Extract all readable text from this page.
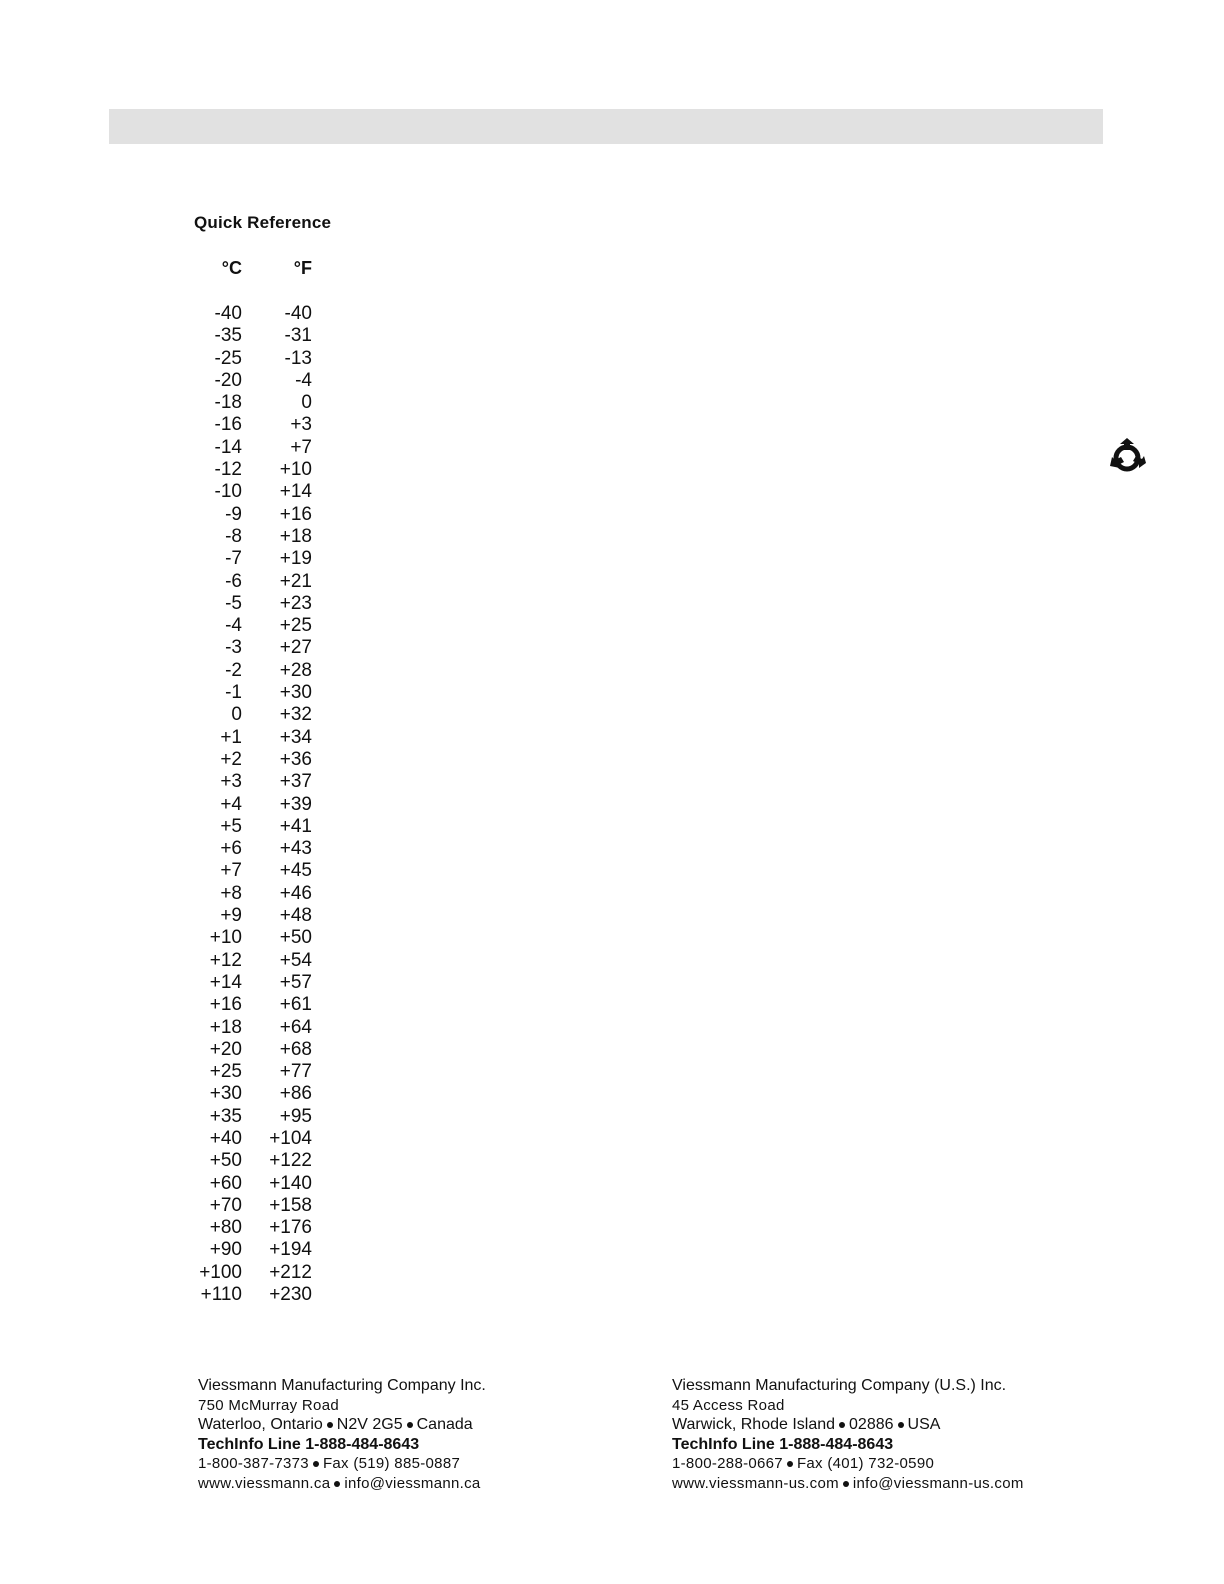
Quick Reference
°C	°F
-40	-40
-35	-31
-25	-13
-20	-4
-18	0
-16	+3
-14	+7
-12	+10
-10	+14
-9	+16
-8	+18
-7	+19
-6	+21
-5	+23
-4	+25
-3	+27
-2	+28
-1	+30
0	+32
+1	+34
+2	+36
+3	+37
+4	+39
+5	+41
+6	+43
+7	+45
+8	+46
+9	+48
+10	+50
+12	+54
+14	+57
+16	+61
+18	+64
+20	+68
+25	+77
+30	+86
+35	+95
+40	+104
+50	+122
+60	+140
+70	+158
+80	+176
+90	+194
+100	+212
+110	+230
Viessmann Manufacturing Company Inc.
750 McMurray Road
Waterloo, Ontario N2V 2G5 Canada
TechInfo Line 1-888-484-8643
1-800-387-7373 Fax (519) 885-0887
www.viessmann.ca info@viessmann.ca
Viessmann Manufacturing Company (U.S.) Inc.
45 Access Road
Warwick, Rhode Island 02886 USA
TechInfo Line 1-888-484-8643
1-800-288-0667 Fax (401) 732-0590
www.viessmann-us.com info@viessmann-us.com
